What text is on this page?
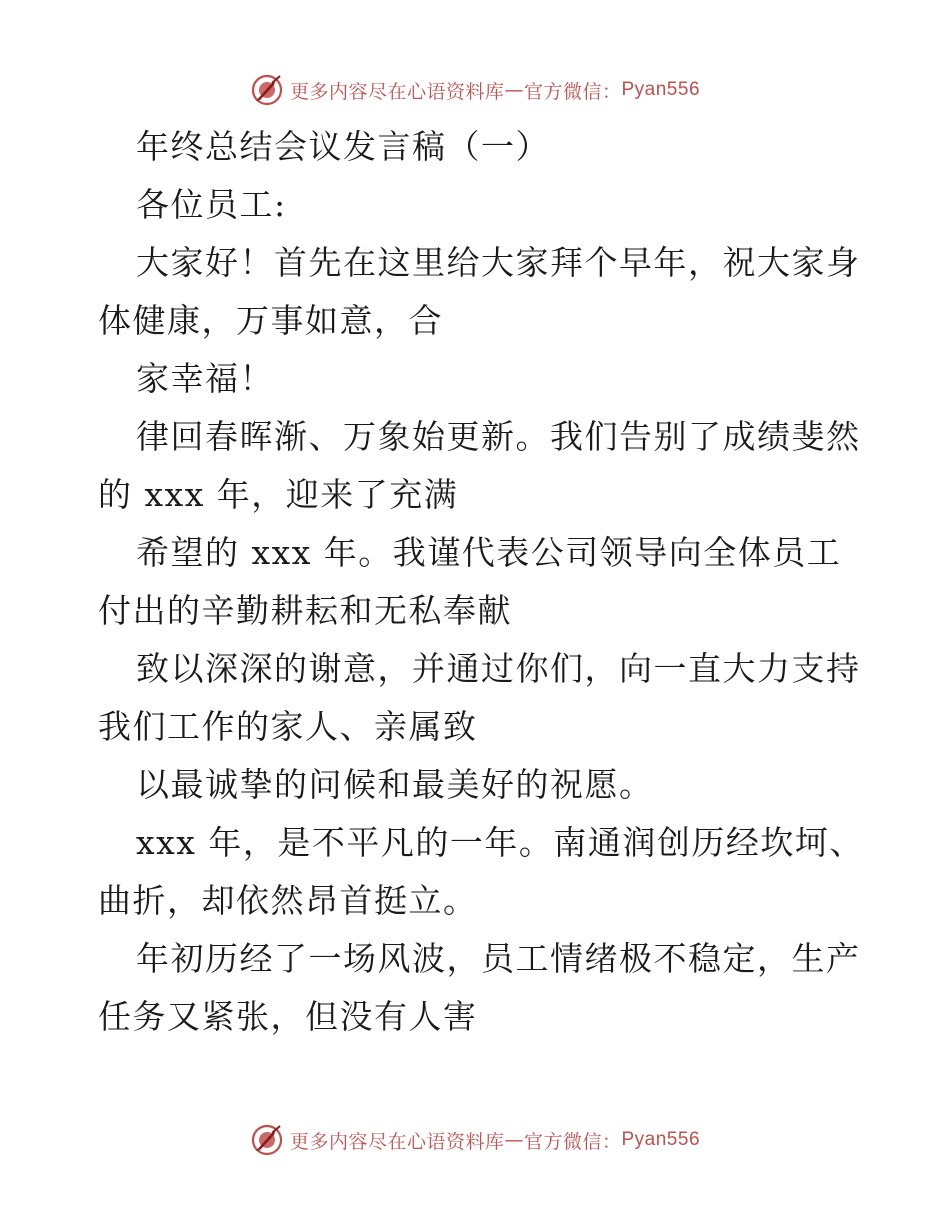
更多内容尽在心语资料库 — 官方微信： Pyan556
年终总结会议发言稿（一）
各位员工:
大家好！首先在这里给大家拜个早年，祝大家身
体健康，万事如意，合
家幸福！
律回春晖渐、万象始更新。我们告别了成绩斐然
的 xxx 年，迎来了充满
希望的 xxx 年。我谨代表公司领导向全体员工
付出的辛勤耕耘和无私奉献
致以深深的谢意，并通过你们，向一直大力支持
我们工作的家人、亲属致
以最诚挚的问候和最美好的祝愿。
xxx 年，是不平凡的一年。南通润创历经坎坷、
曲折，却依然昂首挺立。
年初历经了一场风波，员工情绪极不稳定，生产
任务又紧张，但没有人害
更多内容尽在心语资料库 — 官方微信： Pyan556
